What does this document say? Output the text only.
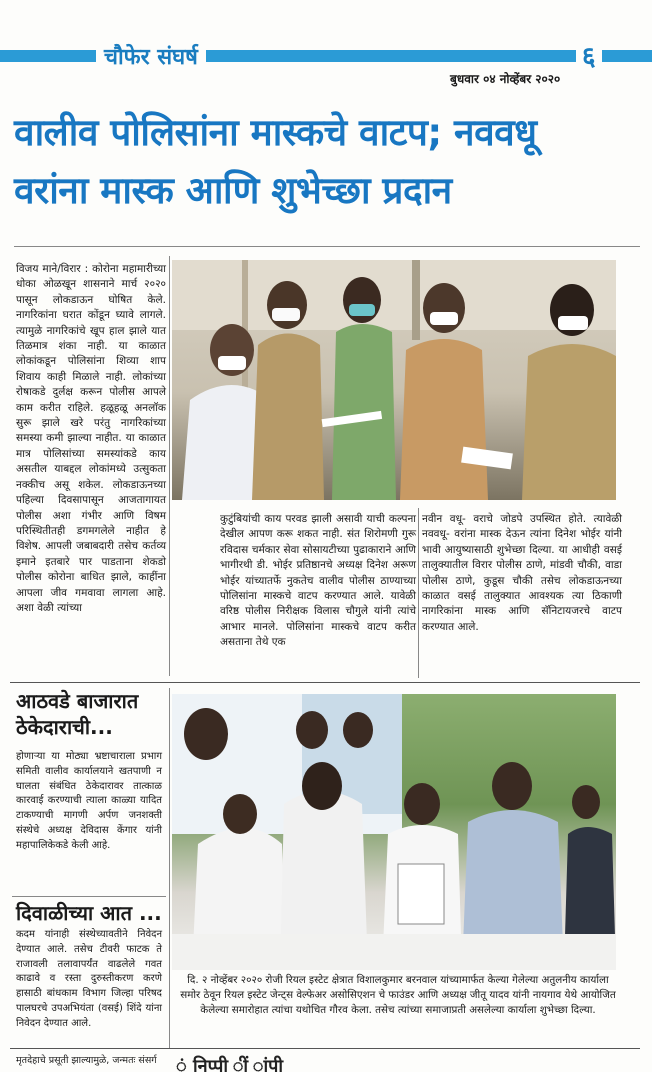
चौफेर संघर्ष	६
बुधवार ०४ नोव्हेंबर २०२०
वालीव पोलिसांना मास्कचे वाटप; नववधू
वरांना मास्क आणि शुभेच्छा प्रदान
विजय माने/विरार : कोरोना महामारीच्या धोका ओळखून शासनाने मार्च २०२० पासून लोकडाऊन घोषित केले. नागरिकांना घरात कोंडून घ्यावे लागले. त्यामुळे नागरिकांचे खूप हाल झाले यात तिळमात्र शंका नाही. या काळात लोकांकडून पोलिसांना शिव्या शाप शिवाय काही मिळाले नाही. लोकांच्या रोषाकडे दुर्लक्ष करून पोलीस आपले काम करीत राहिले. हळूहळू अनलॉक सुरू झाले खरे परंतु नागरिकांच्या समस्या कमी झाल्या नाहीत. या काळात मात्र पोलिसांच्या समस्यांकडे काय असतील याबद्दल लोकांमध्ये उत्सुकता नक्कीच असू शकेल. लोकडाऊनच्या पहिल्या दिवसापासून आजतागायत पोलीस अशा गंभीर आणि विषम परिस्थितीतही डगमगलेले नाहीत हे विशेष. आपली जबाबदारी तसेच कर्तव्य इमाने इतबारे पार पाडताना शेकडो पोलीस कोरोना बाधित झाले, काहींना आपला जीव गमवावा लागला आहे. अशा वेळी त्यांच्या
कुटुंबियांची काय परवड झाली असावी याची कल्पना देखील आपण करू शकत नाही. संत शिरोमणी गुरू रविदास चर्मकार सेवा सोसायटीच्या पुढाकाराने आणि भागीरथी डी. भोईर प्रतिष्ठानचे अध्यक्ष दिनेश अरूण भोईर यांच्यातर्फे नुकतेच वालीव पोलीस ठाण्याच्या पोलिसांना मास्कचे वाटप करण्यात आले. यावेळी वरिष्ठ पोलीस निरीक्षक विलास चौगुले यांनी त्यांचे आभार मानले. पोलिसांना मास्कचे वाटप करीत असताना तेथे एक
नवीन वधू- वराचे जोडपे उपस्थित होते. त्यावेळी नववधू- वरांना मास्क देऊन त्यांना दिनेश भोईर यांनी भावी आयुष्यासाठी शुभेच्छा दिल्या. या आधीही वसई तालुक्यातील विरार पोलीस ठाणे, मांडवी चौकी, वाडा पोलीस ठाणे, कुडूस चौकी तसेच लोकडाऊनच्या काळात वसई तालुक्यात आवश्यक त्या ठिकाणी नागरिकांना मास्क आणि सॅनिटायजरचे वाटप करण्यात आले.
आठवडे बाजारात ठेकेदाराची...
होणाऱ्या या मोठ्या भ्रष्टाचाराला प्रभाग समिती वालीव कार्यालयाने खतपाणी न घालता संबंधित ठेकेदारावर तात्काळ कारवाई करण्याची त्याला काळ्या यादित टाकण्याची मागणी अर्पण जनशक्ती संस्थेचे अध्यक्ष देविदास केंगार यांनी महापालिकेकडे केली आहे.
दिवाळीच्या आत ...
कदम यांनाही संस्थेच्यावतीने निवेदन देण्यात आले. तसेच टीवरी फाटक ते राजावली तलावापर्यंत वाढलेले गवत काढावे व रस्ता दुरुस्तीकरण करणे हासाठी बांधकाम विभाग जिल्हा परिषद पालघरचे उपअभियंता (वसई) शिंदे यांना निवेदन देण्यात आले.
दि. २ नोव्हेंबर २०२० रोजी रियल इस्टेट क्षेत्रात विशालकुमार बरनवाल यांच्यामार्फत केल्या गेलेल्या अतुलनीय कार्याला समोर ठेवून रियल इस्टेट जेन्ट्स वेल्फेअर असोसिएशन चे फाउंडर आणि अध्यक्ष जीतू यादव यांनी नायगाव येथे आयोजित केलेल्या समारोहात त्यांचा यथोचित गौरव केला. तसेच त्यांच्या समाजाप्रती असलेल्या कार्याला शुभेच्छा दिल्या.
मृतदेहाचे प्रसूती झाल्यामुळे, जन्मतः संसर्ग	ं निप्पी ीं ांपी
